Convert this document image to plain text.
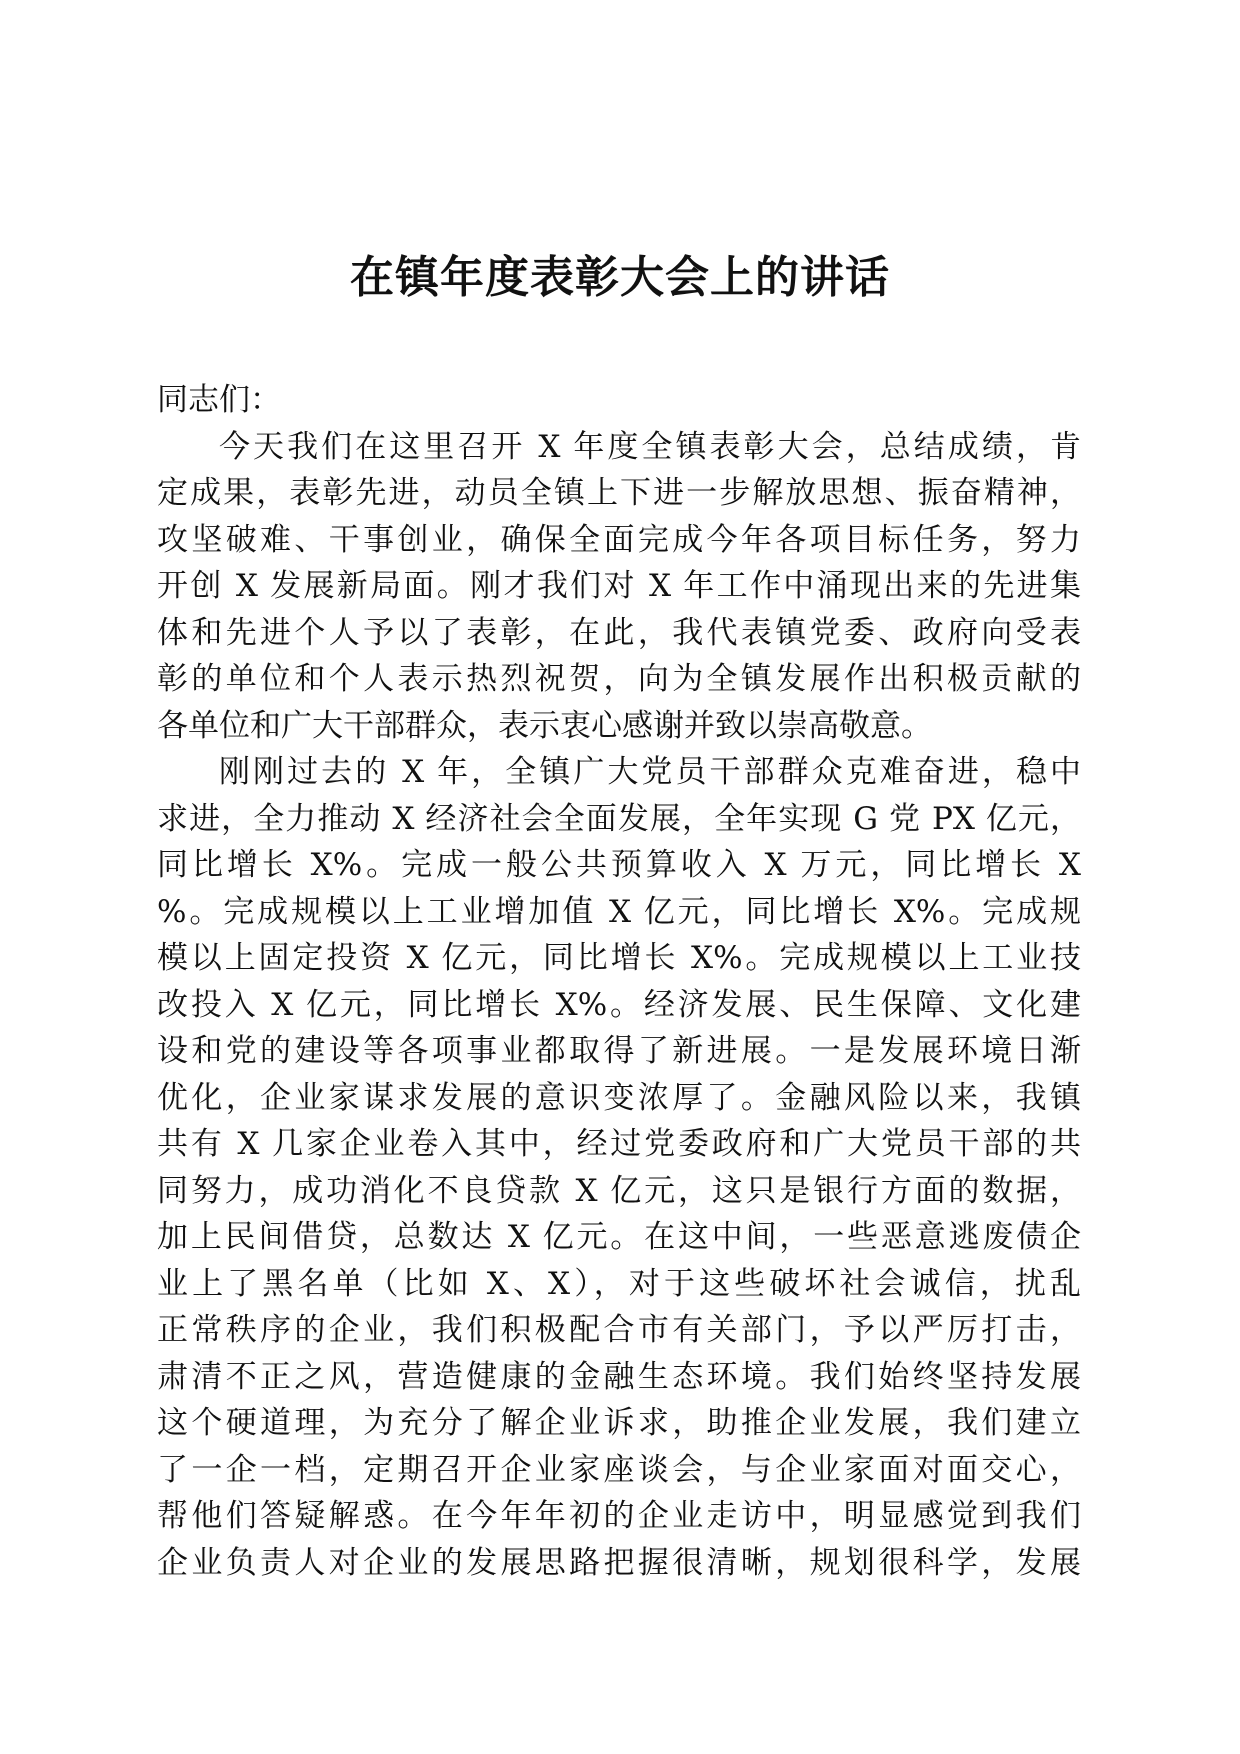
在镇年度表彰大会上的讲话
同志们：
今天我们在这里召开 X 年度全镇表彰大会，总结成绩，肯
定成果，表彰先进，动员全镇上下进一步解放思想、振奋精神，
攻坚破难、干事创业，确保全面完成今年各项目标任务，努力
开创 X 发展新局面。刚才我们对 X 年工作中涌现出来的先进集
体和先进个人予以了表彰，在此，我代表镇党委、政府向受表
彰的单位和个人表示热烈祝贺，向为全镇发展作出积极贡献的
各单位和广大干部群众，表示衷心感谢并致以崇高敬意。
刚刚过去的 X 年，全镇广大党员干部群众克难奋进，稳中
求进，全力推动 X 经济社会全面发展，全年实现 G 党 PX 亿元，
同比增长 X%。完成一般公共预算收入 X 万元，同比增长 X
%。完成规模以上工业增加值 X 亿元，同比增长 X%。完成规
模以上固定投资 X 亿元，同比增长 X%。完成规模以上工业技
改投入 X 亿元，同比增长 X%。经济发展、民生保障、文化建
设和党的建设等各项事业都取得了新进展。一是发展环境日渐
优化，企业家谋求发展的意识变浓厚了。金融风险以来，我镇
共有 X 几家企业卷入其中，经过党委政府和广大党员干部的共
同努力，成功消化不良贷款 X 亿元，这只是银行方面的数据，
加上民间借贷，总数达 X 亿元。在这中间，一些恶意逃废债企
业上了黑名单（比如 X、X），对于这些破坏社会诚信，扰乱
正常秩序的企业，我们积极配合市有关部门，予以严厉打击，
肃清不正之风，营造健康的金融生态环境。我们始终坚持发展
这个硬道理，为充分了解企业诉求，助推企业发展，我们建立
了一企一档，定期召开企业家座谈会，与企业家面对面交心，
帮他们答疑解惑。在今年年初的企业走访中，明显感觉到我们
企业负责人对企业的发展思路把握很清晰，规划很科学，发展
